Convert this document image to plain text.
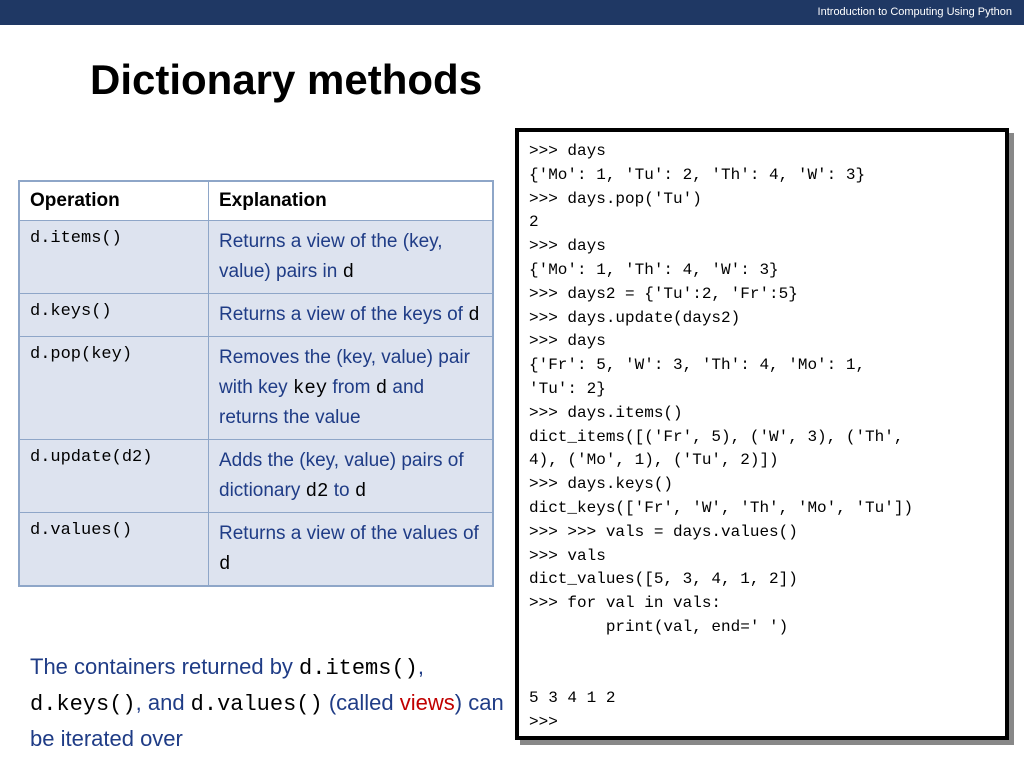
Introduction to Computing Using Python
Dictionary methods
Operation	Explanation
d.items()	Returns a view of the (key, value) pairs in d
d.keys()	Returns a view of the keys of d
d.pop(key)	Removes the (key, value) pair with key key from d and returns the value
d.update(d2)	Adds the (key, value) pairs of dictionary d2 to d
d.values()	Returns a view of the values of d
The containers returned by d.items(), d.keys(), and d.values() (called views) can be iterated over
>>> days
{'Mo': 1, 'Tu': 2, 'Th': 4, 'W': 3}
>>> days.pop('Tu')
2
>>> days
{'Mo': 1, 'Th': 4, 'W': 3}
>>> days2 = {'Tu':2, 'Fr':5}
>>> days.update(days2)
>>> days
{'Fr': 5, 'W': 3, 'Th': 4, 'Mo': 1,
'Tu': 2}
>>> days.items()
dict_items([('Fr', 5), ('W', 3), ('Th',
4), ('Mo', 1), ('Tu', 2)])
>>> days.keys()
dict_keys(['Fr', 'W', 'Th', 'Mo', 'Tu'])
>>> >>> vals = days.values()
>>> vals
dict_values([5, 3, 4, 1, 2])
>>> for val in vals:
print(val, end=' ')

5 3 4 1 2
>>>
